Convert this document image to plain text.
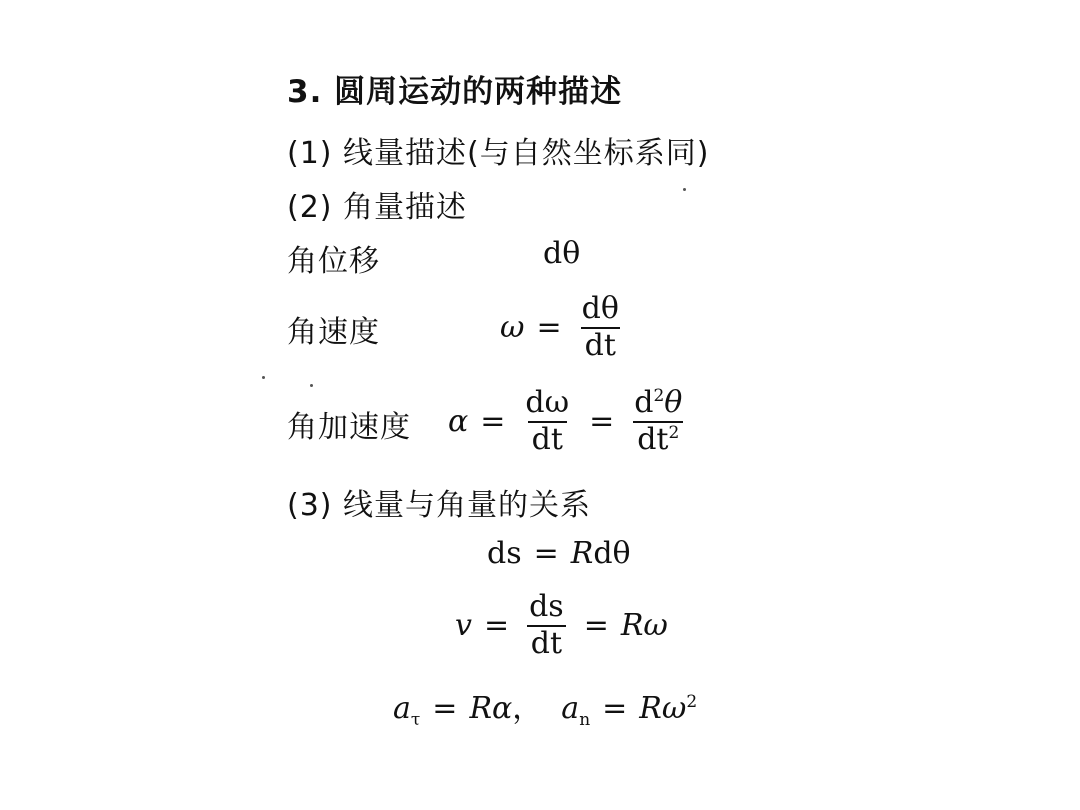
3. 圆周运动的两种描述
(1) 线量描述(与自然坐标系同)
(2) 角量描述
角位移	dθ
角速度	$\omega = \frac{d\theta}{dt}$
角加速度 $\alpha = \frac{d\omega}{dt} = \frac{d^2\theta}{dt^2}$
(3) 线量与角量的关系
ds = Rdθ
$v = \frac{ds}{dt} = R\omega$
$a_\tau = R\alpha$， $a_n = R\omega^2$
